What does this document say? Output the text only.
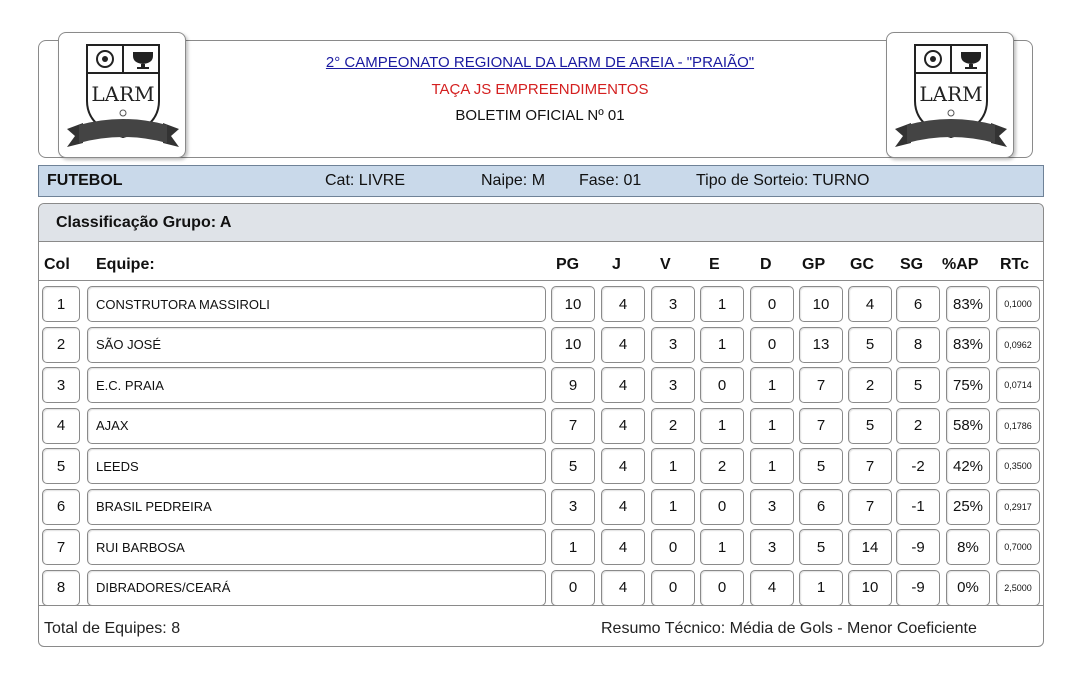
LARM	LARM
2° CAMPEONATO REGIONAL DA LARM DE AREIA - "PRAIÃO"
TAÇA JS EMPREENDIMENTOS
BOLETIM OFICIAL Nº 01
FUTEBOL	Cat: LIVRE	Naipe: M Fase: 01	Tipo de Sorteio: TURNO
Classificação Grupo: A
Col Equipe:	PG J V E	D GP GC SG %AP RTc
1	CONSTRUTORA MASSIROLI	10	4	3	1	0	10	4	6	83%	0,1000
2	SÃO JOSÉ	10	4	3	1	0	13	5	8	83%	0,0962
3	E.C. PRAIA	9	4	3	0	1	7	2	5	75%	0,0714
4	AJAX	7	4	2	1	1	7	5	2	58%	0,1786
5	LEEDS	5	4	1	2	1	5	7	-2	42%	0,3500
6	BRASIL PEDREIRA	3	4	1	0	3	6	7	-1	25%	0,2917
7	RUI BARBOSA	1	4	0	1	3	5	14	-9	8%	0,7000
8	DIBRADORES/CEARÁ	0	4	0	0	4	1	10	-9	0%	2,5000
Total de Equipes: 8	Resumo Técnico: Média de Gols - Menor Coeficiente
